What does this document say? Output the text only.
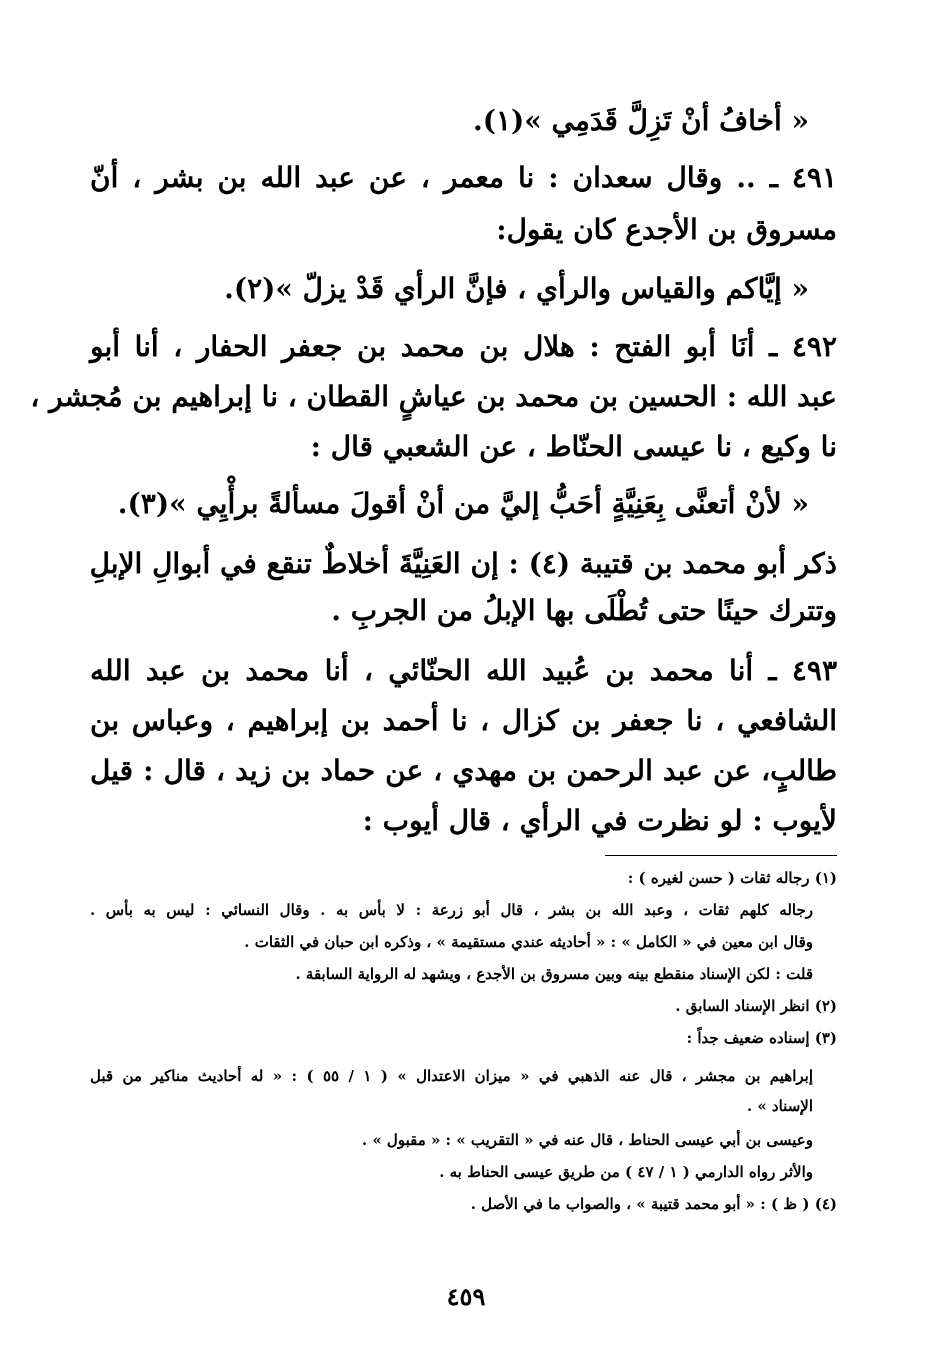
« أخافُ أنْ تَزِلَّ قَدَمِي »(١).
٤٩١ ـ .. وقال سعدان : نا معمر ، عن عبد الله بن بشر ، أنّ
مسروق بن الأجدع كان يقول:
« إيَّاكم والقياس والرأي ، فإنَّ الرأي قَدْ يزلّ »(٢).
٤٩٢ ـ أنَا أبو الفتح : هلال بن محمد بن جعفر الحفار ، أنا أبو
عبد الله : الحسين بن محمد بن عياشٍ القطان ، نا إبراهيم بن مُجشر ،
نا وكيع ، نا عيسى الحنّاط ، عن الشعبي قال :
« لأنْ أتعنَّى بِعَنِيَّةٍ أحَبُّ إليَّ من أنْ أقولَ مسألةً برأْيِي »(٣).
ذكر أبو محمد بن قتيبة (٤) : إن العَنِيَّةَ أخلاطٌ تنقع في أبوالِ الإبلِ
وتترك حينًا حتى تُطْلَى بها الإبلُ من الجربِ .
٤٩٣ ـ أنا محمد بن عُبيد الله الحنّائي ، أنا محمد بن عبد الله
الشافعي ، نا جعفر بن كزال ، نا أحمد بن إبراهيم ، وعباس بن
طالبٍ، عن عبد الرحمن بن مهدي ، عن حماد بن زيد ، قال : قيل
لأيوب : لو نظرت في الرأي ، قال أيوب :
(١) رجاله ثقات ( حسن لغيره ) :
رجاله كلهم ثقات ، وعبد الله بن بشر ، قال أبو زرعة : لا بأس به . وقال النسائي : ليس به بأس .
وقال ابن معين في « الكامل » : « أحاديثه عندي مستقيمة » ، وذكره ابن حبان في الثقات .
قلت : لكن الإسناد منقطع بينه وبين مسروق بن الأجدع ، ويشهد له الرواية السابقة .
(٢) انظر الإسناد السابق .
(٣) إسناده ضعيف جداً :
إبراهيم بن مجشر ، قال عنه الذهبي في « ميزان الاعتدال » ( ١ / ٥٥ ) : « له أحاديث مناكير من قبل
الإسناد » .
وعيسى بن أبي عيسى الحناط ، قال عنه في « التقريب » : « مقبول » .
والأثر رواه الدارمي ( ١ / ٤٧ ) من طريق عيسى الحناط به .
(٤) ( ظ ) : « أبو محمد قتيبة » ، والصواب ما في الأصل .
٤٥٩
